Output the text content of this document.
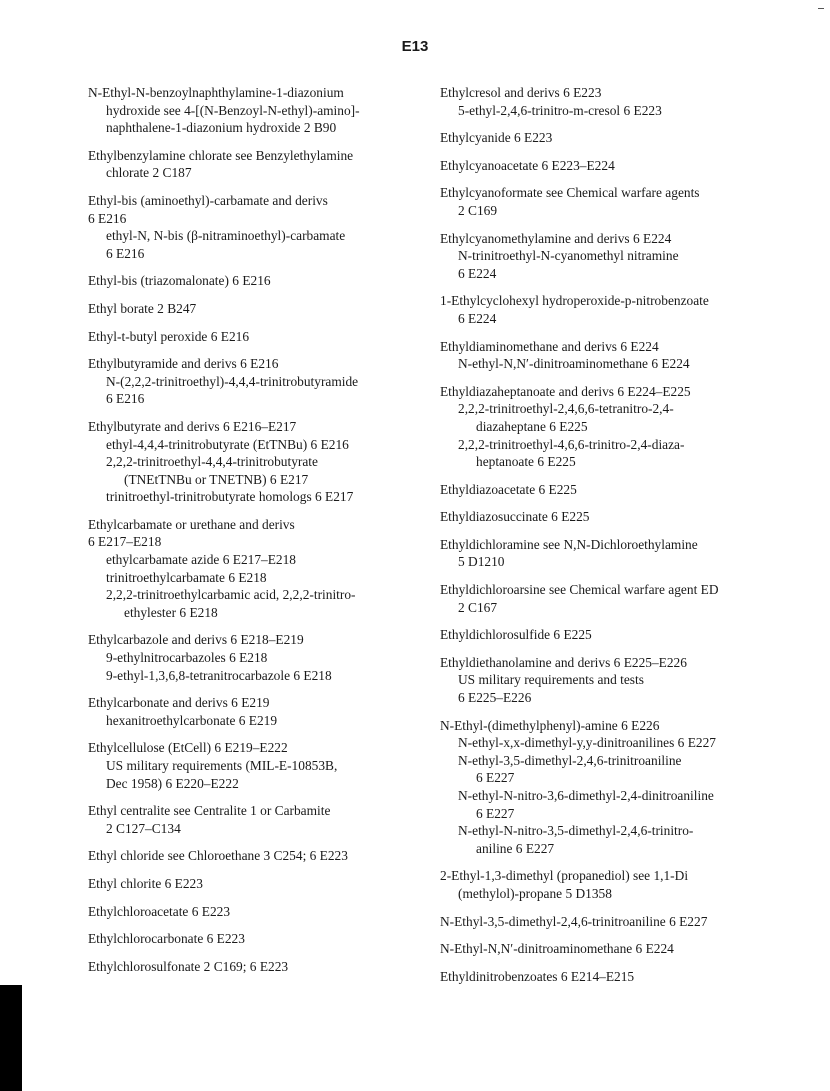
E13
N-Ethyl-N-benzoylnaphthylamine-1-diazonium
hydroxide see 4-[(N-Benzoyl-N-ethyl)-amino]-
naphthalene-1-diazonium hydroxide 2 B90
Ethylbenzylamine chlorate see Benzylethylamine
chlorate 2 C187
Ethyl-bis (aminoethyl)-carbamate and derivs
6 E216
ethyl-N, N-bis (β-nitraminoethyl)-carbamate
6 E216
Ethyl-bis (triazomalonate) 6 E216
Ethyl borate 2 B247
Ethyl-t-butyl peroxide 6 E216
Ethylbutyramide and derivs 6 E216
N-(2,2,2-trinitroethyl)-4,4,4-trinitrobutyramide
6 E216
Ethylbutyrate and derivs 6 E216–E217
ethyl-4,4,4-trinitrobutyrate (EtTNBu) 6 E216
2,2,2-trinitroethyl-4,4,4-trinitrobutyrate
(TNEtTNBu or TNETNB) 6 E217
trinitroethyl-trinitrobutyrate homologs 6 E217
Ethylcarbamate or urethane and derivs
6 E217–E218
ethylcarbamate azide 6 E217–E218
trinitroethylcarbamate 6 E218
2,2,2-trinitroethylcarbamic acid, 2,2,2-trinitro-
ethylester 6 E218
Ethylcarbazole and derivs 6 E218–E219
9-ethylnitrocarbazoles 6 E218
9-ethyl-1,3,6,8-tetranitrocarbazole 6 E218
Ethylcarbonate and derivs 6 E219
hexanitroethylcarbonate 6 E219
Ethylcellulose (EtCell) 6 E219–E222
US military requirements (MIL-E-10853B,
Dec 1958) 6 E220–E222
Ethyl centralite see Centralite 1 or Carbamite
2 C127–C134
Ethyl chloride see Chloroethane 3 C254; 6 E223
Ethyl chlorite 6 E223
Ethylchloroacetate 6 E223
Ethylchlorocarbonate 6 E223
Ethylchlorosulfonate 2 C169; 6 E223
Ethylcresol and derivs 6 E223
5-ethyl-2,4,6-trinitro-m-cresol 6 E223
Ethylcyanide 6 E223
Ethylcyanoacetate 6 E223–E224
Ethylcyanoformate see Chemical warfare agents
2 C169
Ethylcyanomethylamine and derivs 6 E224
N-trinitroethyl-N-cyanomethyl nitramine
6 E224
1-Ethylcyclohexyl hydroperoxide-p-nitrobenzoate
6 E224
Ethyldiaminomethane and derivs 6 E224
N-ethyl-N,N′-dinitroaminomethane 6 E224
Ethyldiazaheptanoate and derivs 6 E224–E225
2,2,2-trinitroethyl-2,4,6,6-tetranitro-2,4-
diazaheptane 6 E225
2,2,2-trinitroethyl-4,6,6-trinitro-2,4-diaza-
heptanoate 6 E225
Ethyldiazoacetate 6 E225
Ethyldiazosuccinate 6 E225
Ethyldichloramine see N,N-Dichloroethylamine
5 D1210
Ethyldichloroarsine see Chemical warfare agent ED
2 C167
Ethyldichlorosulfide 6 E225
Ethyldiethanolamine and derivs 6 E225–E226
US military requirements and tests
6 E225–E226
N-Ethyl-(dimethylphenyl)-amine 6 E226
N-ethyl-x,x-dimethyl-y,y-dinitroanilines 6 E227
N-ethyl-3,5-dimethyl-2,4,6-trinitroaniline
6 E227
N-ethyl-N-nitro-3,6-dimethyl-2,4-dinitroaniline
6 E227
N-ethyl-N-nitro-3,5-dimethyl-2,4,6-trinitro-
aniline 6 E227
2-Ethyl-1,3-dimethyl (propanediol) see 1,1-Di
(methylol)-propane 5 D1358
N-Ethyl-3,5-dimethyl-2,4,6-trinitroaniline 6 E227
N-Ethyl-N,N′-dinitroaminomethane 6 E224
Ethyldinitrobenzoates 6 E214–E215
